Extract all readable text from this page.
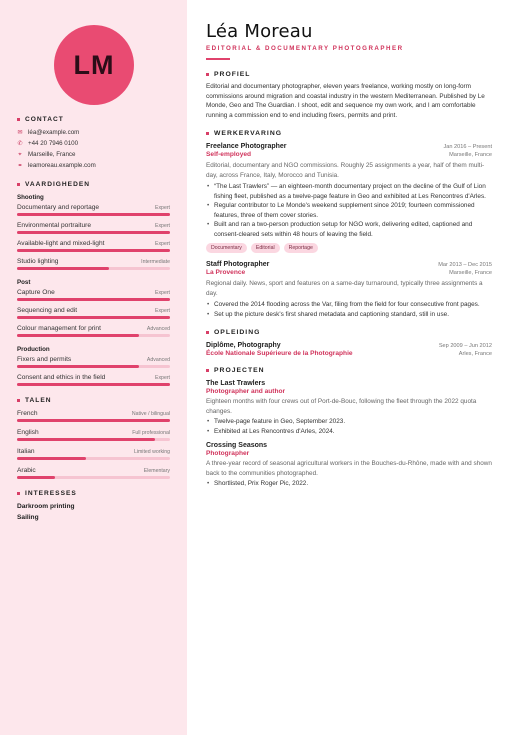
LM
CONTACT
✉ léa@example.com
✆ +44 20 7946 0100
⌖ Marseille, France
⚭ leamoreau.example.com
VAARDIGHEDEN
Shooting
Documentary and reportage	Expert
Environmental portraiture	Expert
Available-light and mixed-light	Expert
Studio lighting	Intermediate
Post
Capture One	Expert
Sequencing and edit	Expert
Colour management for print	Advanced
Production
Fixers and permits	Advanced
Consent and ethics in the field	Expert
TALEN
French	Native / bilingual
English	Full professional
Italian	Limited working
Arabic	Elementary
INTERESSES
Darkroom printing
Sailing
Léa Moreau
EDITORIAL & DOCUMENTARY PHOTOGRAPHER
PROFIEL
Editorial and documentary photographer, eleven years freelance, working mostly on long-form commissions around migration and coastal industry in the western Mediterranean. Published by Le Monde, Geo and The Guardian. I shoot, edit and sequence my own work, and I am comfortable running a commission end to end including fixers, permits and print.
WERKERVARING
Freelance Photographer	Jan 2016 – Present
Self-employed	Marseille, France
Editorial, documentary and NGO commissions. Roughly 25 assignments a year, half of them multi-day, across France, Italy, Morocco and Tunisia.
• “The Last Trawlers” — an eighteen-month documentary project on the decline of the Gulf of Lion fishing fleet, published as a twelve-page feature in Geo and exhibited at Les Rencontres d'Arles.
• Regular contributor to Le Monde's weekend supplement since 2019; fourteen commissioned features, three of them cover stories.
• Built and ran a two-person production setup for NGO work, delivering edited, captioned and consent-cleared sets within 48 hours of leaving the field.
Documentary	Editorial	Reportage
Staff Photographer	Mar 2013 – Dec 2015
La Provence	Marseille, France
Regional daily. News, sport and features on a same-day turnaround, typically three assignments a day.
• Covered the 2014 flooding across the Var, filing from the field for four consecutive front pages.
• Set up the picture desk's first shared metadata and captioning standard, still in use.
OPLEIDING
Diplôme, Photography	Sep 2009 – Jun 2012
École Nationale Supérieure de la Photographie	Arles, France
PROJECTEN
The Last Trawlers
Photographer and author
Eighteen months with four crews out of Port-de-Bouc, following the fleet through the 2022 quota changes.
• Twelve-page feature in Geo, September 2023.
• Exhibited at Les Rencontres d'Arles, 2024.
Crossing Seasons
Photographer
A three-year record of seasonal agricultural workers in the Bouches-du-Rhône, made with and shown back to the communities photographed.
• Shortlisted, Prix Roger Pic, 2022.
